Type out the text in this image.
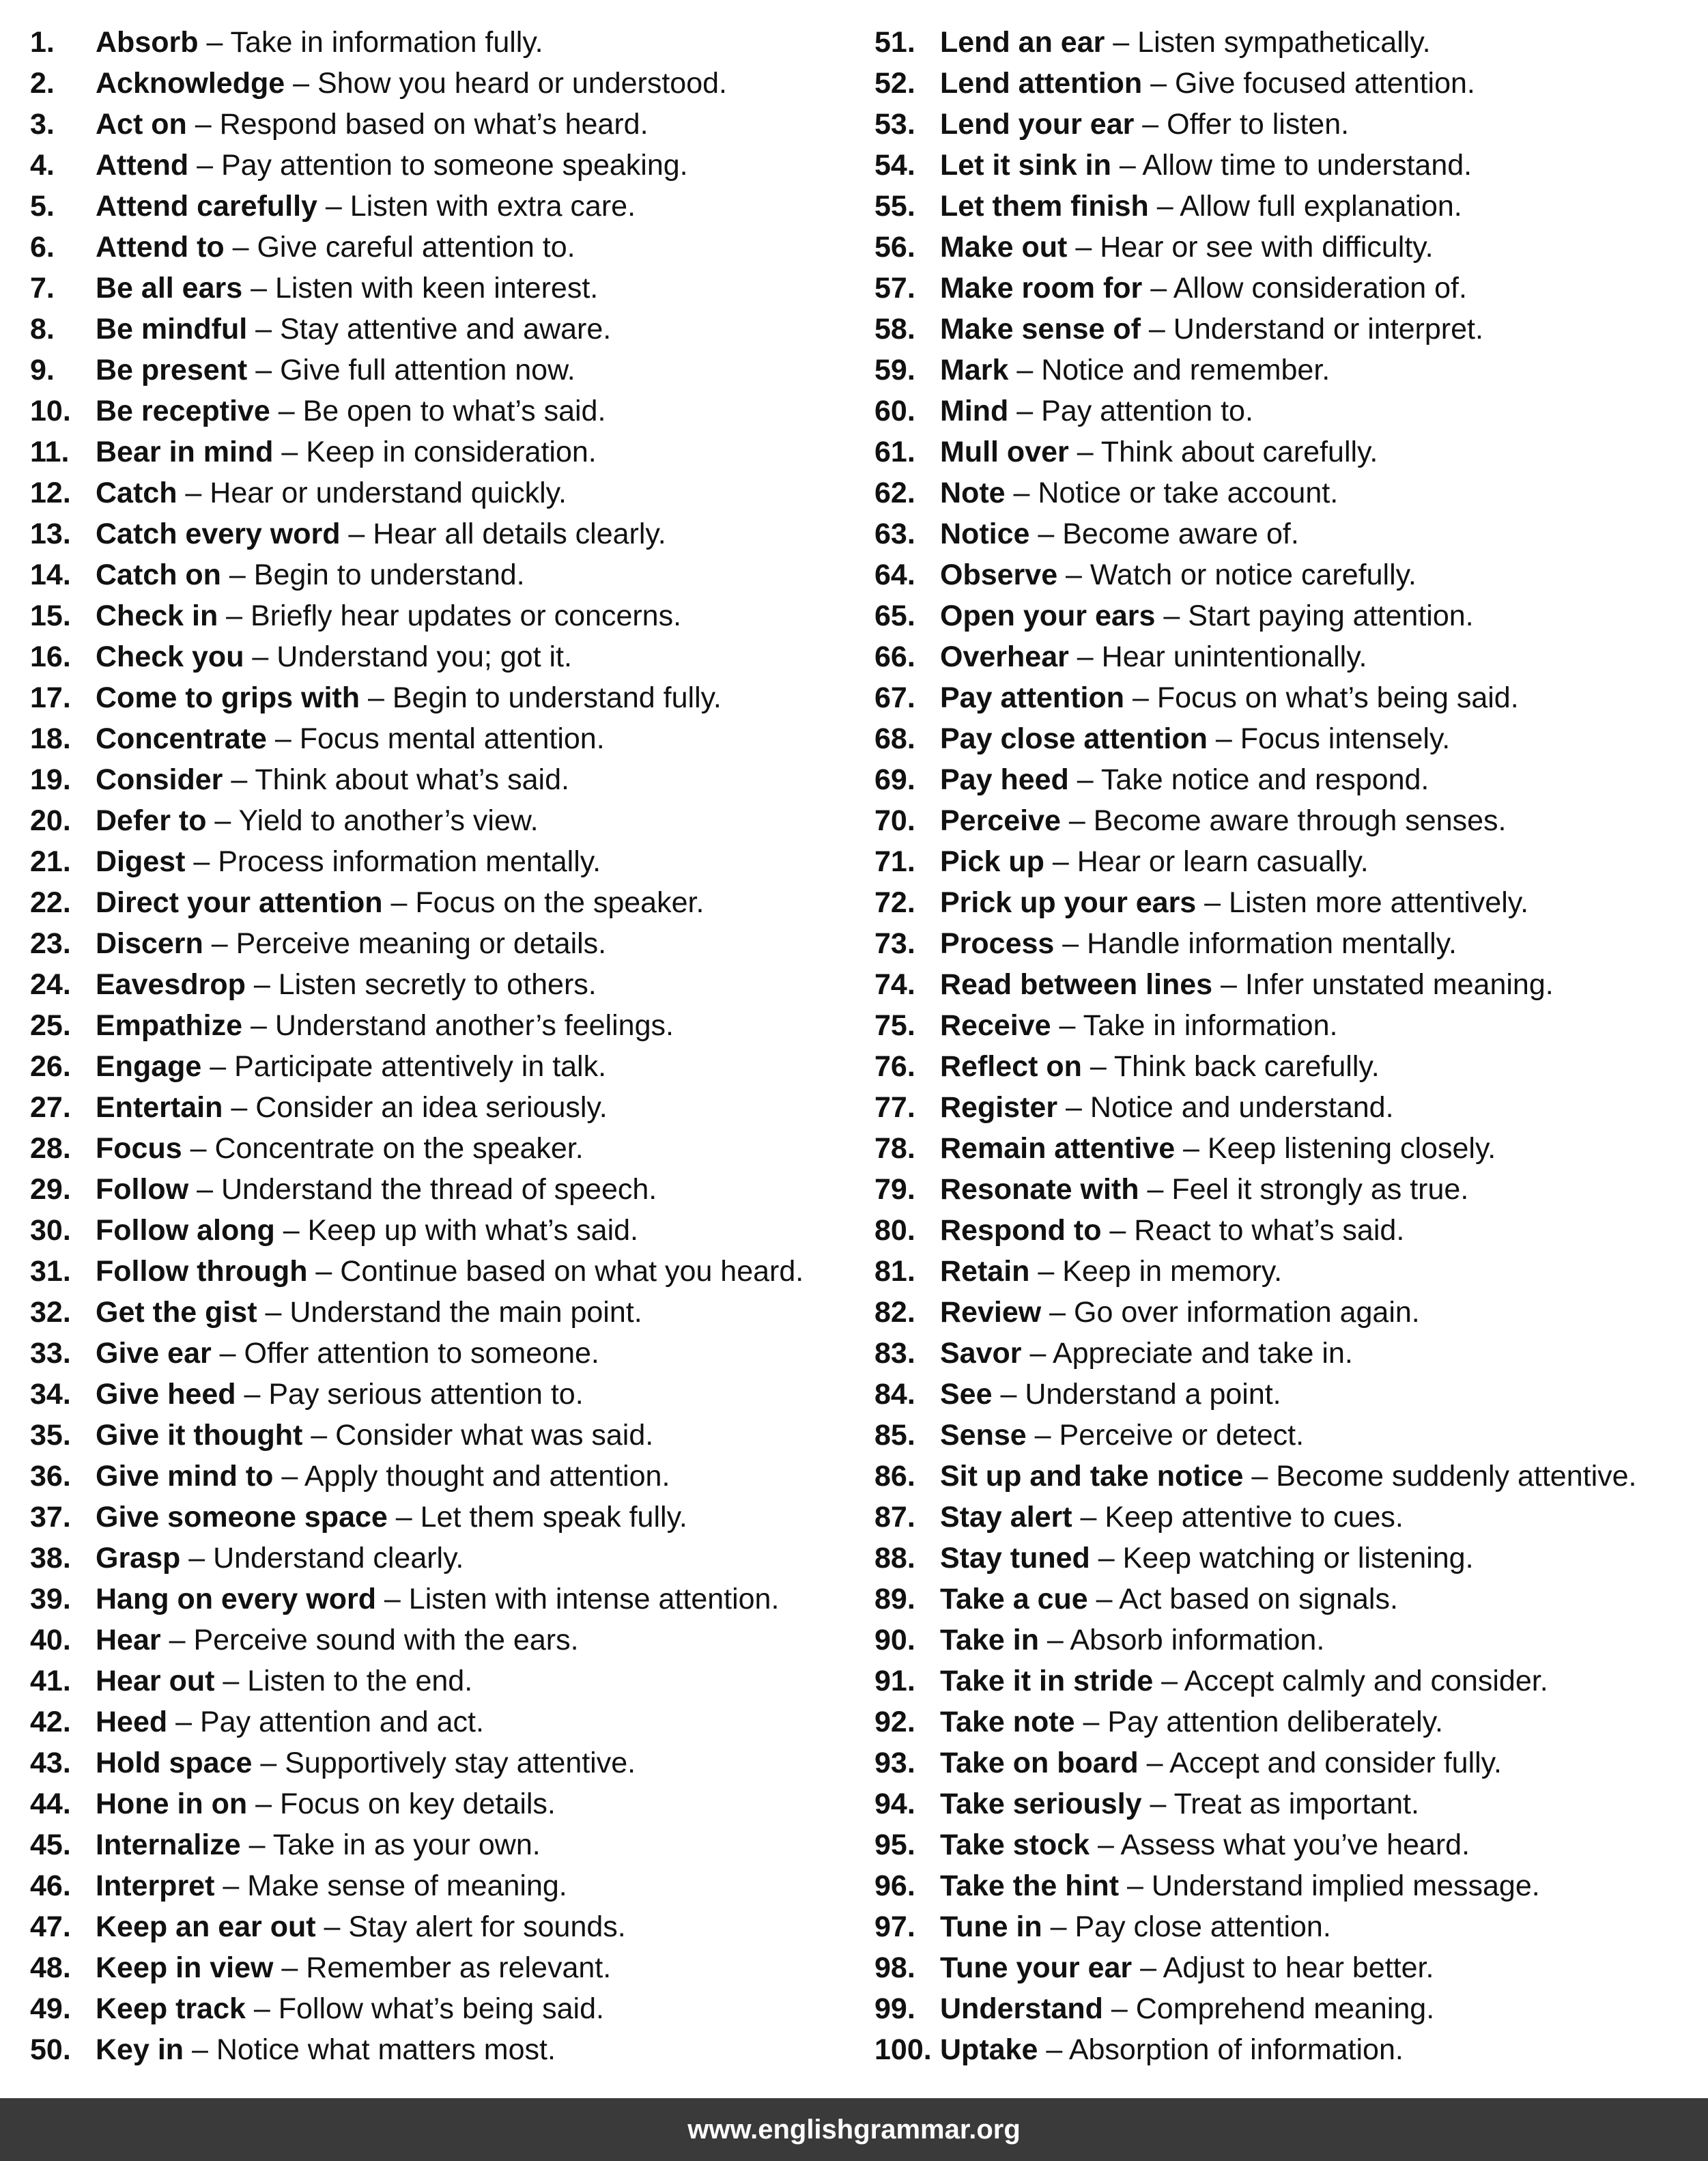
1. Absorb – Take in information fully.
2. Acknowledge – Show you heard or understood.
3. Act on – Respond based on what’s heard.
4. Attend – Pay attention to someone speaking.
5. Attend carefully – Listen with extra care.
6. Attend to – Give careful attention to.
7. Be all ears – Listen with keen interest.
8. Be mindful – Stay attentive and aware.
9. Be present – Give full attention now.
10. Be receptive – Be open to what’s said.
11. Bear in mind – Keep in consideration.
12. Catch – Hear or understand quickly.
13. Catch every word – Hear all details clearly.
14. Catch on – Begin to understand.
15. Check in – Briefly hear updates or concerns.
16. Check you – Understand you; got it.
17. Come to grips with – Begin to understand fully.
18. Concentrate – Focus mental attention.
19. Consider – Think about what’s said.
20. Defer to – Yield to another’s view.
21. Digest – Process information mentally.
22. Direct your attention – Focus on the speaker.
23. Discern – Perceive meaning or details.
24. Eavesdrop – Listen secretly to others.
25. Empathize – Understand another’s feelings.
26. Engage – Participate attentively in talk.
27. Entertain – Consider an idea seriously.
28. Focus – Concentrate on the speaker.
29. Follow – Understand the thread of speech.
30. Follow along – Keep up with what’s said.
31. Follow through – Continue based on what you heard.
32. Get the gist – Understand the main point.
33. Give ear – Offer attention to someone.
34. Give heed – Pay serious attention to.
35. Give it thought – Consider what was said.
36. Give mind to – Apply thought and attention.
37. Give someone space – Let them speak fully.
38. Grasp – Understand clearly.
39. Hang on every word – Listen with intense attention.
40. Hear – Perceive sound with the ears.
41. Hear out – Listen to the end.
42. Heed – Pay attention and act.
43. Hold space – Supportively stay attentive.
44. Hone in on – Focus on key details.
45. Internalize – Take in as your own.
46. Interpret – Make sense of meaning.
47. Keep an ear out – Stay alert for sounds.
48. Keep in view – Remember as relevant.
49. Keep track – Follow what’s being said.
50. Key in – Notice what matters most.
51. Lend an ear – Listen sympathetically.
52. Lend attention – Give focused attention.
53. Lend your ear – Offer to listen.
54. Let it sink in – Allow time to understand.
55. Let them finish – Allow full explanation.
56. Make out – Hear or see with difficulty.
57. Make room for – Allow consideration of.
58. Make sense of – Understand or interpret.
59. Mark – Notice and remember.
60. Mind – Pay attention to.
61. Mull over – Think about carefully.
62. Note – Notice or take account.
63. Notice – Become aware of.
64. Observe – Watch or notice carefully.
65. Open your ears – Start paying attention.
66. Overhear – Hear unintentionally.
67. Pay attention – Focus on what’s being said.
68. Pay close attention – Focus intensely.
69. Pay heed – Take notice and respond.
70. Perceive – Become aware through senses.
71. Pick up – Hear or learn casually.
72. Prick up your ears – Listen more attentively.
73. Process – Handle information mentally.
74. Read between lines – Infer unstated meaning.
75. Receive – Take in information.
76. Reflect on – Think back carefully.
77. Register – Notice and understand.
78. Remain attentive – Keep listening closely.
79. Resonate with – Feel it strongly as true.
80. Respond to – React to what’s said.
81. Retain – Keep in memory.
82. Review – Go over information again.
83. Savor – Appreciate and take in.
84. See – Understand a point.
85. Sense – Perceive or detect.
86. Sit up and take notice – Become suddenly attentive.
87. Stay alert – Keep attentive to cues.
88. Stay tuned – Keep watching or listening.
89. Take a cue – Act based on signals.
90. Take in – Absorb information.
91. Take it in stride – Accept calmly and consider.
92. Take note – Pay attention deliberately.
93. Take on board – Accept and consider fully.
94. Take seriously – Treat as important.
95. Take stock – Assess what you’ve heard.
96. Take the hint – Understand implied message.
97. Tune in – Pay close attention.
98. Tune your ear – Adjust to hear better.
99. Understand – Comprehend meaning.
100. Uptake – Absorption of information.
www.englishgrammar.org
